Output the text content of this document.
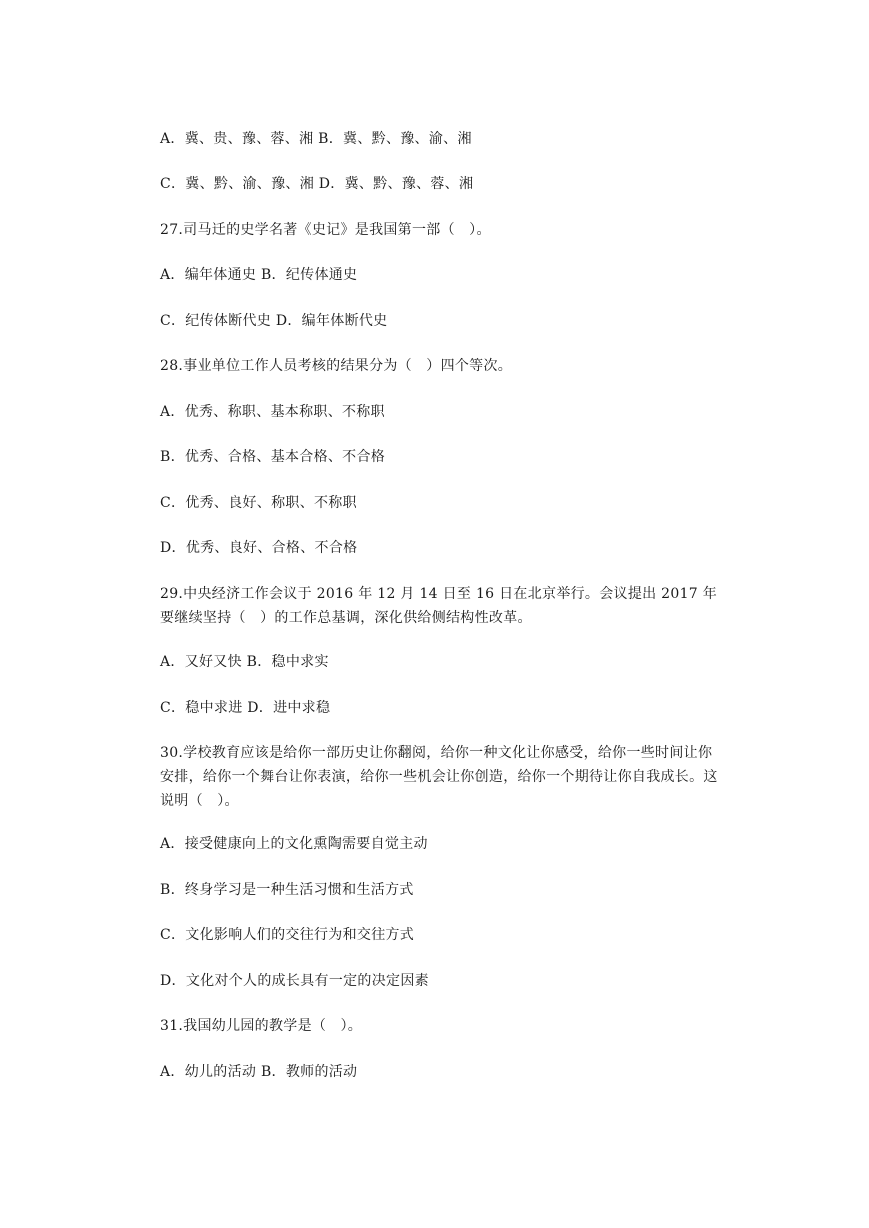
A．冀、贵、豫、蓉、湘 B．冀、黔、豫、渝、湘
C．冀、黔、渝、豫、湘 D．冀、黔、豫、蓉、湘
27.司马迁的史学名著《史记》是我国第一部（　）。
A．编年体通史 B．纪传体通史
C．纪传体断代史 D．编年体断代史
28.事业单位工作人员考核的结果分为（　）四个等次。
A．优秀、称职、基本称职、不称职
B．优秀、合格、基本合格、不合格
C．优秀、良好、称职、不称职
D．优秀、良好、合格、不合格
29.中央经济工作会议于 2016 年 12 月 14 日至 16 日在北京举行。会议提出 2017 年要继续坚持（　）的工作总基调，深化供给侧结构性改革。
A．又好又快 B．稳中求实
C．稳中求进 D．进中求稳
30.学校教育应该是给你一部历史让你翻阅，给你一种文化让你感受，给你一些时间让你安排，给你一个舞台让你表演，给你一些机会让你创造，给你一个期待让你自我成长。这说明（　）。
A．接受健康向上的文化熏陶需要自觉主动
B．终身学习是一种生活习惯和生活方式
C．文化影响人们的交往行为和交往方式
D．文化对个人的成长具有一定的决定因素
31.我国幼儿园的教学是（　）。
A．幼儿的活动 B．教师的活动
